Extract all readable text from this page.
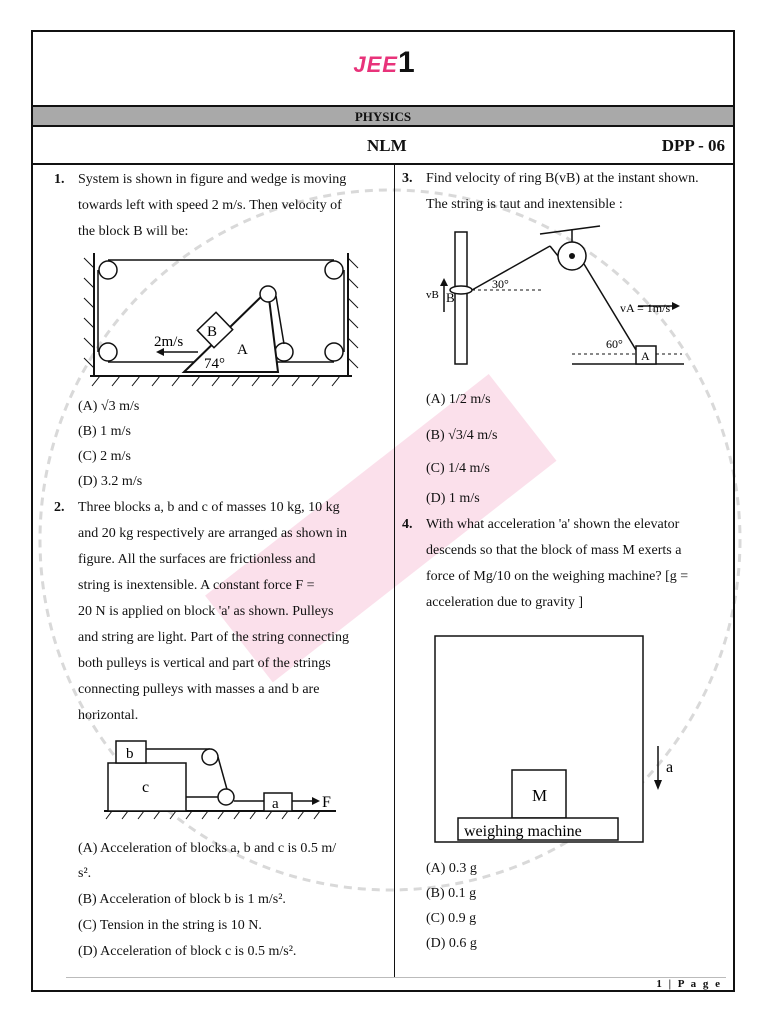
JEE1
PHYSICS
NLM	DPP - 06
1. System is shown in figure and wedge is moving
towards left with speed 2 m/s. Then velocity of
the block B will be:
B
A
74°
2m/s
(A) √3 m/s
(B) 1 m/s
(C) 2 m/s
(D) 3.2 m/s
2. Three blocks a, b and c of masses 10 kg, 10 kg
and 20 kg respectively are arranged as shown in
figure. All the surfaces are frictionless and
string is inextensible. A constant force F =
20 N is applied on block 'a' as shown. Pulleys
and string are light. Part of the string connecting
both pulleys is vertical and part of the strings
connecting pulleys with masses a and b are
horizontal.
b
c
a	F
(A) Acceleration of blocks a, b and c is 0.5 m/
s².
(B) Acceleration of block b is 1 m/s².
(C) Tension in the string is 10 N.
(D) Acceleration of block c is 0.5 m/s².
3. Find velocity of ring B(vB) at the instant shown.
The string is taut and inextensible :
vB B
30°
vA = 1m/s
60°
A
(A) 1/2 m/s
(B) √3/4 m/s
(C) 1/4 m/s
(D) 1 m/s
4. With what acceleration 'a' shown the elevator
descends so that the block of mass M exerts a
force of Mg/10 on the weighing machine? [g =
acceleration due to gravity ]
M
weighing machine
a
(A) 0.3 g
(B) 0.1 g
(C) 0.9 g
(D) 0.6 g
1 | P a g e
